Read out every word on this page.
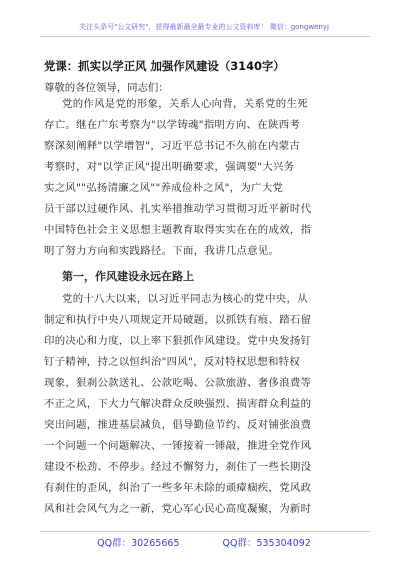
关注头条号"公文研究"，获得最新最全最专业的公文资料库！ 微信：gongwenyj
党课：抓实以学正风 加强作风建设（3140字）
尊敬的各位领导，同志们：
党的作风是党的形象，关系人心向背，关系党的生死
存亡。继在广东考察为"以学铸魂"指明方向、在陕西考
察深刻阐释"以学增智"，习近平总书记不久前在内蒙古
考察时，对"以学正风"提出明确要求，强调要"大兴务
实之风""弘扬清廉之风""养成俭朴之风"，为广大党
员干部以过硬作风、扎实举措推动学习贯彻习近平新时代
中国特色社会主义思想主题教育取得实实在在的成效，指
明了努力方向和实践路径。下面，我讲几点意见。
第一，作风建设永远在路上
党的十八大以来，以习近平同志为核心的党中央，从
制定和执行中央八项规定开局破题，以抓铁有痕、踏石留
印的决心和力度，以上率下狠抓作风建设。党中央发扬钉
钉子精神，持之以恒纠治"四风"，反对特权思想和特权
现象，狠刹公款送礼、公款吃喝、公款旅游、奢侈浪费等
不正之风，下大力气解决群众反映强烈、损害群众利益的
突出问题，推进基层减负，倡导勤俭节约、反对铺张浪费
一个问题一个问题解决、一锤接着一锤敲，推进全党作风
建设不松劲、不停步。经过不懈努力，刹住了一些长期没
有刹住的歪风，纠治了一些多年未除的顽瘴痼疾，党风政
风和社会风气为之一新，党心军心民心高度凝聚，为新时
QQ群：30265665	QQ群：535304092
